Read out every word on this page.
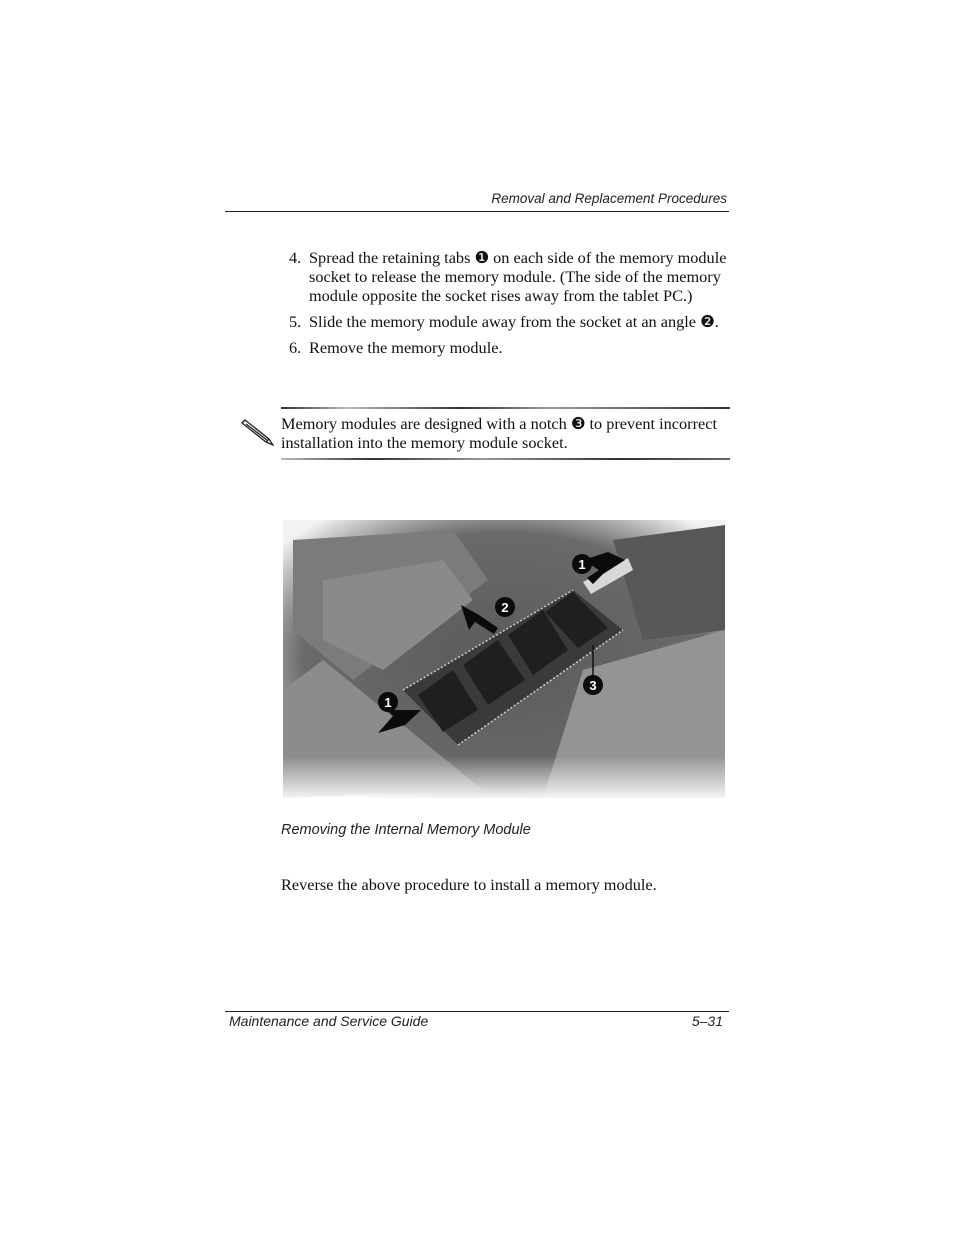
Removal and Replacement Procedures
4. Spread the retaining tabs ❶ on each side of the memory module socket to release the memory module. (The side of the memory module opposite the socket rises away from the tablet PC.)
5. Slide the memory module away from the socket at an angle ❷.
6. Remove the memory module.
Memory modules are designed with a notch ❸ to prevent incorrect installation into the memory module socket.
Removing the Internal Memory Module
Reverse the above procedure to install a memory module.
Maintenance and Service Guide	5–31
